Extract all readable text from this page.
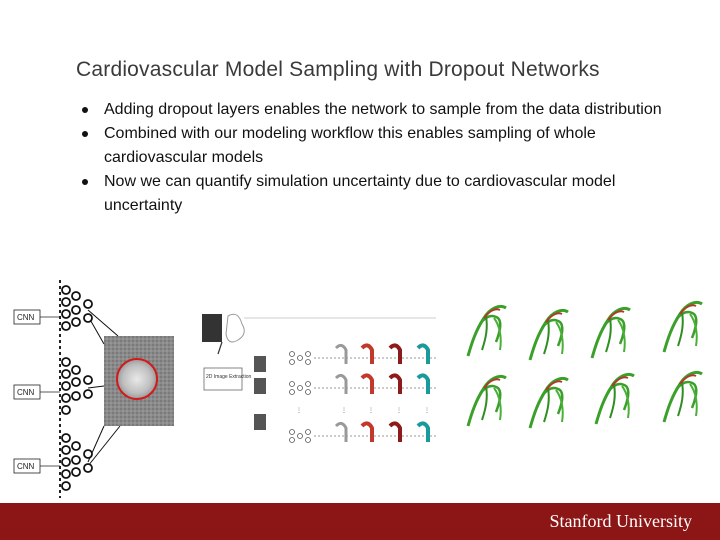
Cardiovascular Model Sampling with Dropout Networks
Adding dropout layers enables the network to sample from the data distribution
Combined with our modeling workflow this enables sampling of whole cardiovascular models
Now we can quantify simulation uncertainty due to cardiovascular model uncertainty
CNN
CNN
CNN
2D Image Extraction
⋮	⋮	⋮	⋮	⋮
Stanford University
